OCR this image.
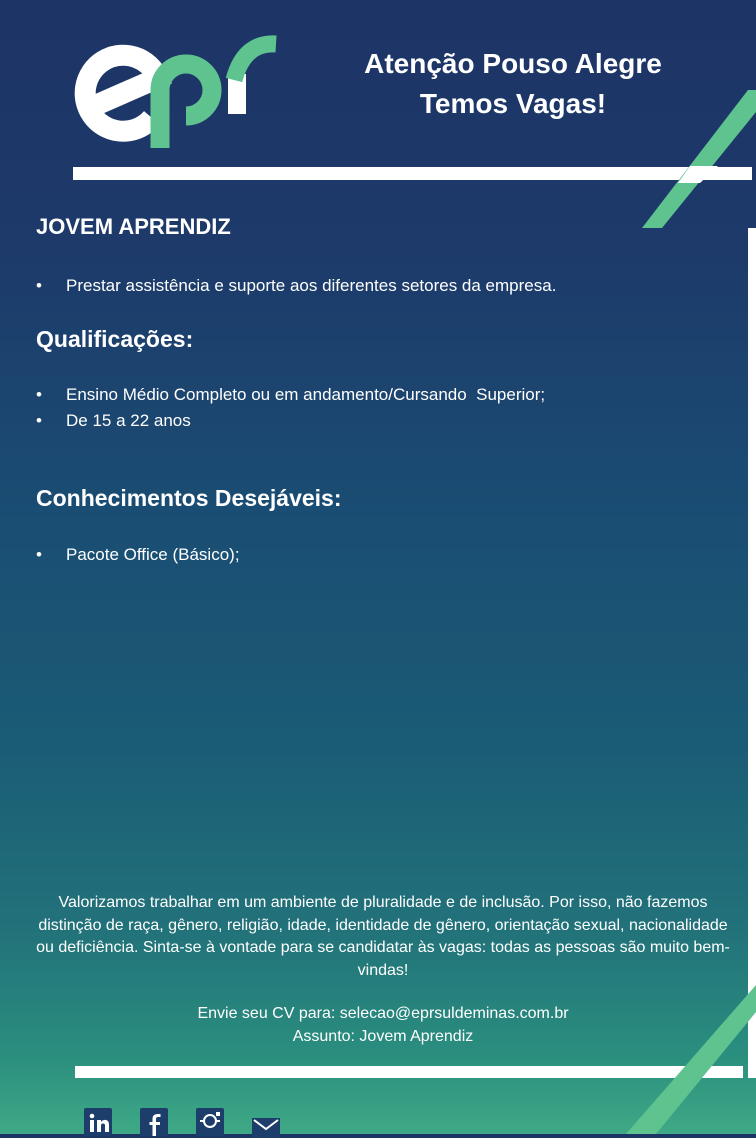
Atenção Pouso Alegre
Temos Vagas!
JOVEM APRENDIZ
• Prestar assistência e suporte aos diferentes setores da empresa.
Qualificações:
• Ensino Médio Completo ou em andamento/Cursando  Superior;
• De 15 a 22 anos
Conhecimentos Desejáveis:
• Pacote Office (Básico);
Valorizamos trabalhar em um ambiente de pluralidade e de inclusão. Por isso, não fazemos distinção de raça, gênero, religião, idade, identidade de gênero, orientação sexual, nacionalidade ou deficiência. Sinta-se à vontade para se candidatar às vagas: todas as pessoas são muito bem-vindas!
Envie seu CV para: selecao@eprsuldeminas.com.br
Assunto: Jovem Aprendiz
